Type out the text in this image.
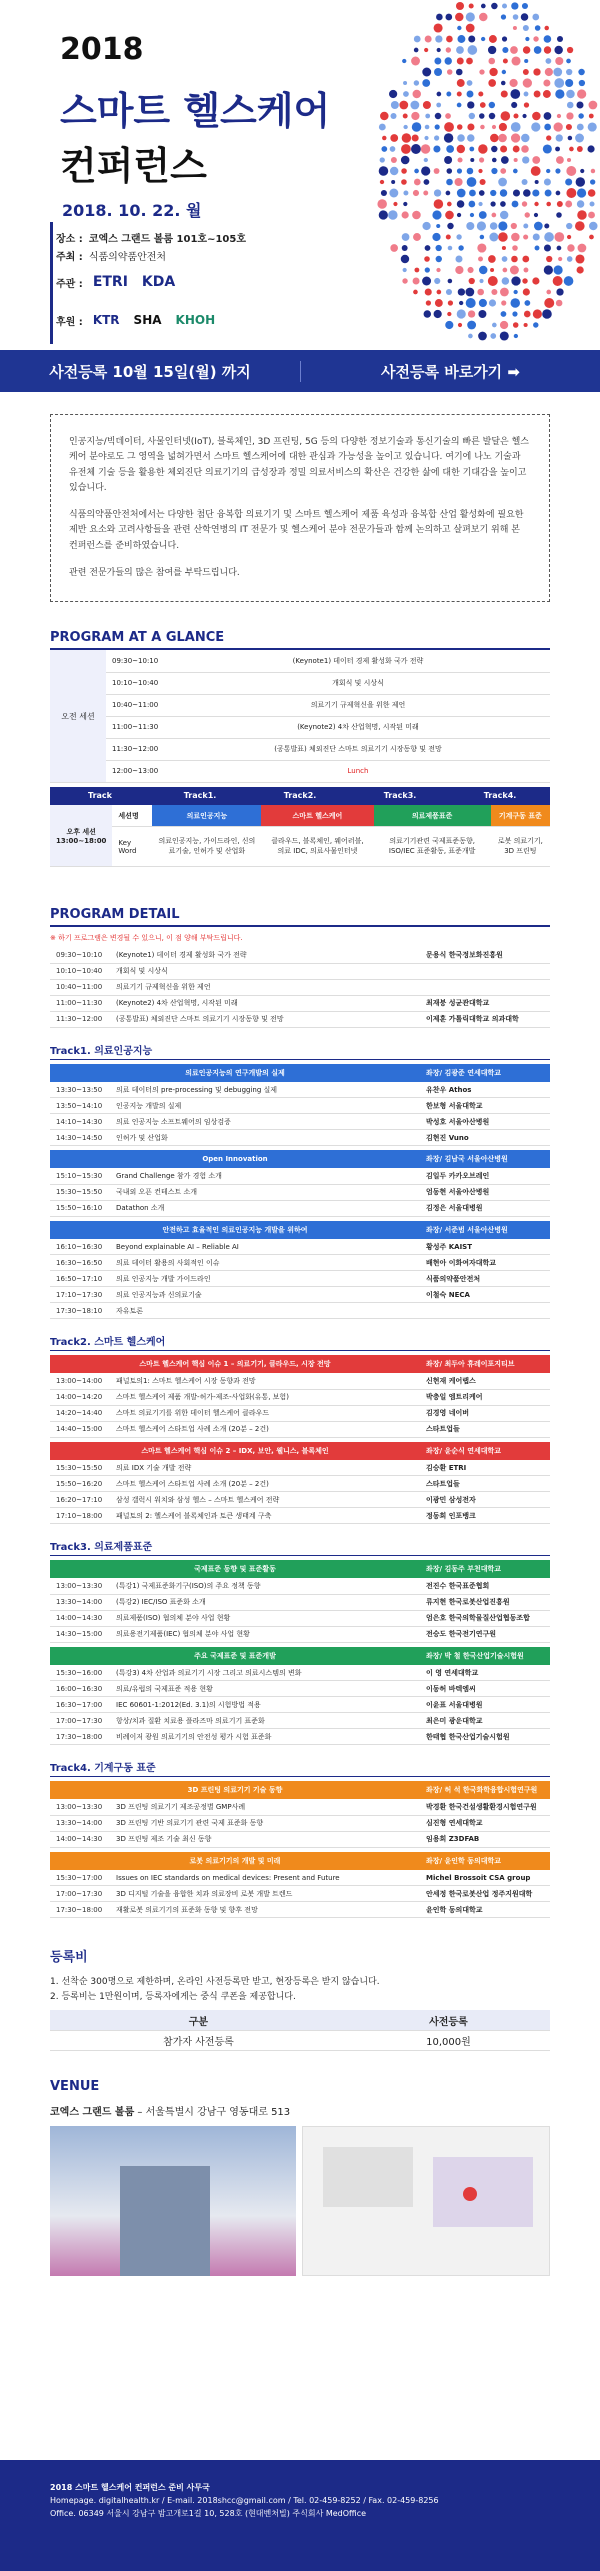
2018
스마트 헬스케어
컨퍼런스
2018. 10. 22. 월
장소 : 코엑스 그랜드 볼룸 101호~105호
주최 : 식품의약품안전처
주관 : ETRI KDA
후원 : KTR	SHA	KHOH
사전등록 10월 15일(월) 까지	사전등록 바로가기 ➡

인공지능/빅데이터, 사물인터넷(IoT), 블록체인, 3D 프린팅, 5G 등의 다양한 정보기술과 통신기술의 빠른 발달은 헬스케어 분야로도 그 영역을 넓혀가면서 스마트 헬스케어에 대한 관심과 가능성을 높이고 있습니다. 여기에 나노 기술과 유전체 기술 등을 활용한 체외진단 의료기기의 급성장과 정밀 의료서비스의 확산은 건강한 삶에 대한 기대감을 높이고 있습니다.

식품의약품안전처에서는 다양한 첨단 융복합 의료기기 및 스마트 헬스케어 제품 육성과 융복합 산업 활성화에 필요한 제반 요소와 고려사항들을 관련 산학연병의 IT 전문가 및 헬스케어 분야 전문가들과 함께 논의하고 살펴보기 위해 본 컨퍼런스를 준비하였습니다.

관련 전문가들의 많은 참여를 부탁드립니다.

PROGRAM AT A GLANCE
오전 세션	09:30~10:10	(Keynote1) 데이터 경제 활성화 국가 전략
	10:10~10:40	개회식 및 시상식
	10:40~11:00	의료기기 규제혁신을 위한 제언
	11:00~11:30	(Keynote2) 4차 산업혁명, 시작된 미래
	11:30~12:00	(공통발표) 체외진단 스마트 의료기기 시장동향 및 전망
	12:00~13:00	Lunch
Track	Track1.	Track2.	Track3.	Track4.
오후 세션 13:00~18:00	세션명	의료인공지능	스마트 헬스케어	의료제품표준	기계구동 표준
	Key Word	의료인공지능, 가이드라인, 신의료기술, 인허가 및 산업화	클라우드, 블록체인, 웨어러블, 의료 IDC, 의료사물인터넷	의료기기관련 국제표준동향, ISO/IEC 표준활동, 표준개발	로봇 의료기기, 3D 프린팅
PROGRAM DETAIL
※ 하기 프로그램은 변경될 수 있으니, 이 점 양해 부탁드립니다.
09:30~10:10	(Keynote1) 데이터 경제 활성화 국가 전략	문용식 한국정보화진흥원
10:10~10:40	개회식 및 시상식	
10:40~11:00	의료기기 규제혁신을 위한 제언	
11:00~11:30	(Keynote2) 4차 산업혁명, 시작된 미래	최재붕 성균관대학교
11:30~12:00	(공통발표) 체외진단 스마트 의료기기 시장동향 및 전망	이제훈 가톨릭대학교 의과대학
Track1. 의료인공지능
의료인공지능의 연구개발의 실제	좌장/ 김광준 연세대학교
13:30~13:50	의료 데이터의 pre-processing 및 debugging 실제	유찬우 Athos
13:50~14:10	인공지능 개발의 실제	한보형 서울대학교
14:10~14:30	의료 인공지능 소프트웨어의 임상검증	박성호 서울아산병원
14:30~14:50	인허가 및 산업화	김현진 Vuno
Open Innovation	좌장/ 김남국 서울아산병원
15:10~15:30	Grand Challenge 참가 경험 소개	김일두 카카오브레인
15:30~15:50	국내외 오픈 컨테스트 소개	엄동현 서울아산병원
15:50~16:10	Datathon 소개	김정은 서울대병원
안전하고 효율적인 의료인공지능 개발을 위하여	좌장/ 서준범 서울아산병원
16:10~16:30	Beyond explainable AI – Reliable AI	황성주 KAIST
16:30~16:50	의료 데이터 활용의 사회적인 이슈	배현아 이화여자대학교
16:50~17:10	의료 인공지능 개발 가이드라인	식품의약품안전처
17:10~17:30	의료 인공지능과 신의료기술	이철숙 NECA
17:30~18:10	자유토론	
Track2. 스마트 헬스케어
스마트 헬스케어 핵심 이슈 1 – 의료기기, 클라우드, 시장 전망	좌장/ 최두아 휴레이포지티브
13:00~14:00	패널토의1: 스마트 헬스케어 시장 동향과 전망	신현재 케어랩스
14:00~14:20	스마트 헬스케어 제품 개발-허가-제조-사업화(유통, 보험)	박충일 엠트리케어
14:20~14:40	스마트 의료기기를 위한 데이터 헬스케어 클라우드	김경영 네이버
14:40~15:00	스마트 헬스케어 스타트업 사례 소개 (20분 – 2건)	스타트업들
스마트 헬스케어 핵심 이슈 2 – IDX, 보안, 웰니스, 블록체인	좌장/ 윤순식 연세대학교
15:30~15:50	의료 IDX 기술 개발 전략	김승환 ETRI
15:50~16:20	스마트 헬스케어 스타트업 사례 소개 (20분 – 2건)	스타트업들
16:20~17:10	삼성 갤럭시 워치와 삼성 헬스 – 스마트 헬스케어 전략	이광민 삼성전자
17:10~18:00	패널토의 2: 헬스케어 블록체인과 토큰 생태계 구축	정동희 인포뱅크
Track3. 의료제품표준
국제표준 동향 및 표준활동	좌장/ 김동주 부천대학교
13:00~13:30	(특강1) 국제표준화기구(ISO)의 주요 정책 동향	전진수 한국표준협회
13:30~14:00	(특강2) IEC/ISO 표준화 소개	류지현 한국로봇산업진흥원
14:00~14:30	의료제품(ISO) 협의체 분야 사업 현황	엄은호 한국의학물질산업협동조합
14:30~15:00	의료용전기제품(IEC) 협의체 분야 사업 현황	전승도 한국전기연구원
주요 국제표준 및 표준개발	좌장/ 박 철 한국산업기술시험원
15:30~16:00	(특강3) 4차 산업과 의료기기 시장 그리고 의료시스템의 변화	이 영 연세대학교
16:00~16:30	의료/유럽의 국제표준 적용 현황	이동허 바텍엠씨
16:30~17:00	IEC 60601-1:2012(Ed. 3.1)의 시험방법 적용	이윤표 서울대병원
17:00~17:30	항상/치과 질환 치료용 플라즈마 의료기기 표준화	최은미 광운대학교
17:30~18:00	비례이저 광원 의료기기의 안전성 평가 시험 표준화	한태협 한국산업기술시험원
Track4. 기계구동 표준
3D 프린팅 의료기기 기술 동향	좌장/ 허 석 한국화학융합시험연구원
13:00~13:30	3D 프린팅 의료기기 제조공정별 GMP사례	박경환 한국건설생활환경시험연구원
13:30~14:00	3D 프린팅 기반 의료기기 관련 국제 표준화 동향	심진형 연세대학교
14:00~14:30	3D 프린팅 제조 기술 최신 동향	임용희 Z3DFAB
로봇 의료기기의 개발 및 미래	좌장/ 윤인학 동의대학교
15:30~17:00	Issues on IEC standards on medical devices: Present and Future	Michel Brossoit CSA group
17:00~17:30	3D 디지털 기술을 융합한 치과 의료장비 로봇 개발 트렌드	안세정 한국로봇산업 정주지원대학
17:30~18:00	재활로봇 의료기기의 표준화 동향 및 향후 전망	윤인학 동의대학교
등록비
1. 선착순 300명으로 제한하며, 온라인 사전등록만 받고, 현장등록은 받지 않습니다.
2. 등록비는 1만원이며, 등록자에게는 중식 쿠폰을 제공합니다.
구분	사전등록
참가자 사전등록	10,000원
VENUE
코엑스 그랜드 볼룸 – 서울특별시 강남구 영동대로 513
2018 스마트 헬스케어 컨퍼런스 준비 사무국
Homepage. digitalhealth.kr / E-mail. 2018shcc@gmail.com / Tel. 02-459-8252 / Fax. 02-459-8256
Office. 06349 서울시 강남구 밤고개로1길 10, 528호 (현대벤처빌) 주식회사 MedOffice
